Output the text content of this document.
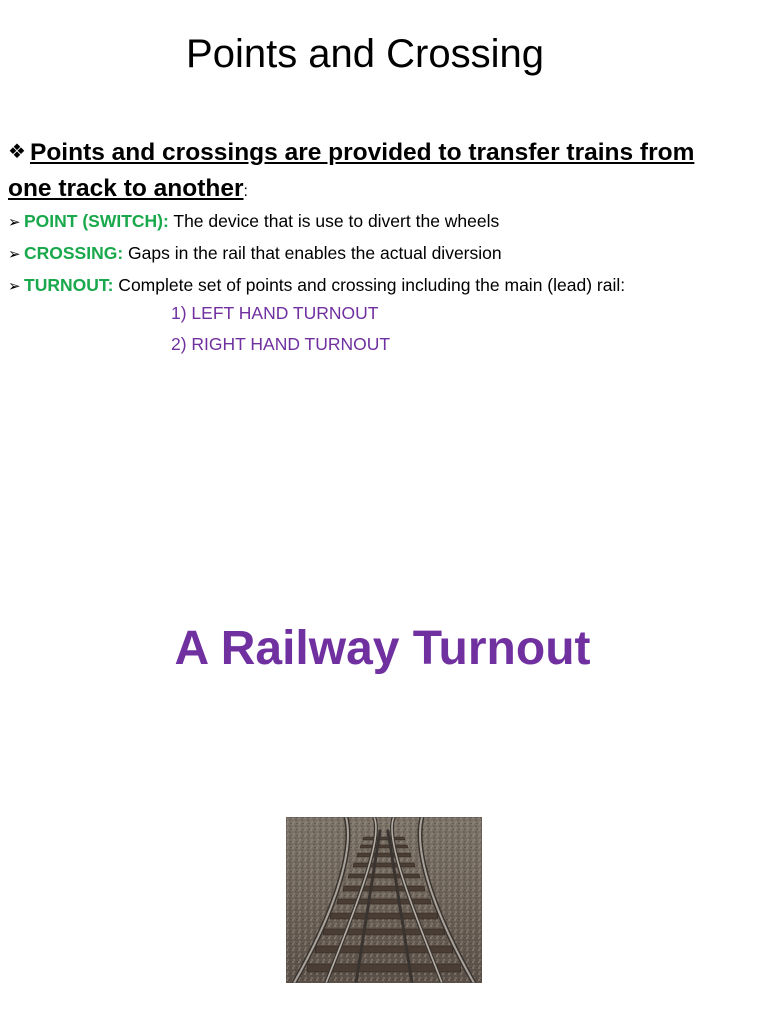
Points and Crossing
❖ Points and crossings are provided to transfer trains from
one track to another:
➢ POINT (SWITCH): The device that is use to divert the wheels
➢ CROSSING: Gaps in the rail that enables the actual diversion
➢ TURNOUT: Complete set of points and crossing including the main (lead) rail:
1) LEFT HAND TURNOUT
2) RIGHT HAND TURNOUT
A Railway Turnout
